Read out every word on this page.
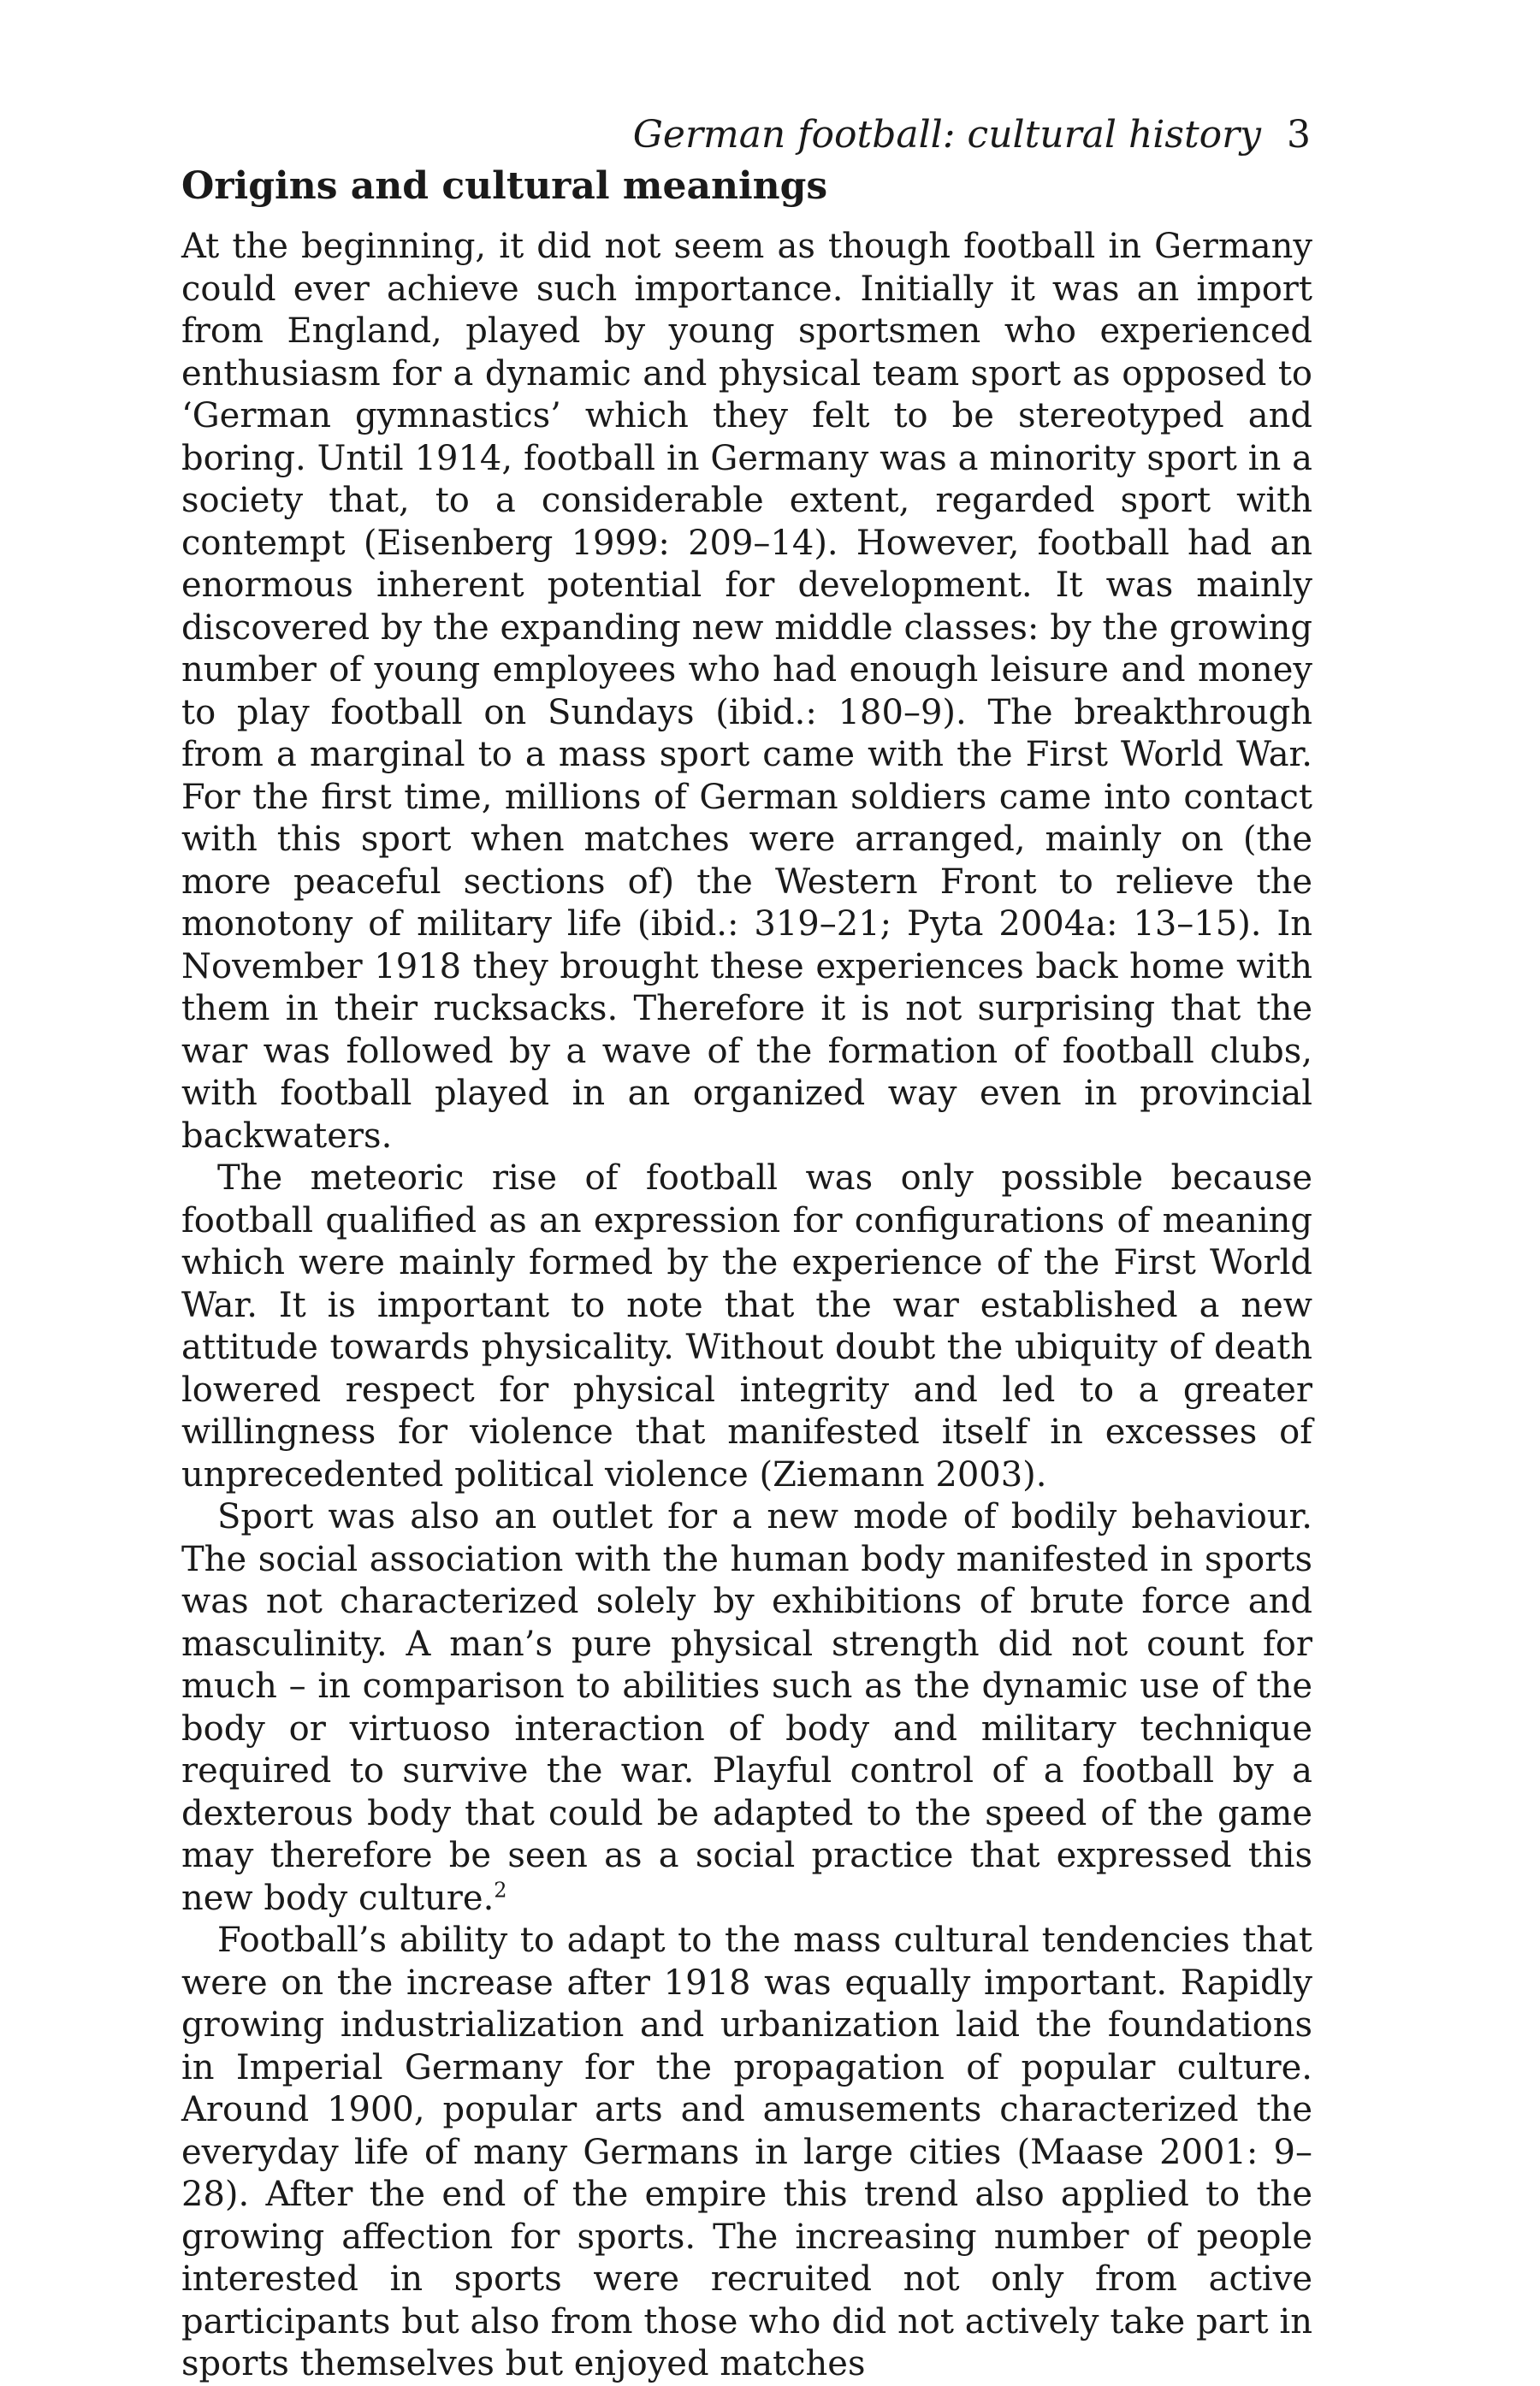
German football: cultural history 3
Origins and cultural meanings

At the beginning, it did not seem as though football in Germany could ever achieve such importance. Initially it was an import from England, played by young sportsmen who experienced enthusiasm for a dynamic and physical team sport as opposed to ‘German gymnastics’ which they felt to be stereotyped and boring. Until 1914, football in Germany was a minority sport in a society that, to a considerable extent, regarded sport with contempt (Eisenberg 1999: 209–14). However, football had an enormous inherent potential for development. It was mainly discovered by the expanding new middle classes: by the growing number of young employees who had enough leisure and money to play football on Sundays (ibid.: 180–9). The breakthrough from a marginal to a mass sport came with the First World War. For the first time, millions of German soldiers came into contact with this sport when matches were arranged, mainly on (the more peaceful sections of) the Western Front to relieve the monotony of military life (ibid.: 319–21; Pyta 2004a: 13–15). In November 1918 they brought these experiences back home with them in their rucksacks. Therefore it is not surprising that the war was followed by a wave of the formation of football clubs, with football played in an organized way even in provincial backwaters.

The meteoric rise of football was only possible because football qualified as an expression for configurations of meaning which were mainly formed by the experience of the First World War. It is important to note that the war established a new attitude towards physicality. Without doubt the ubiquity of death lowered respect for physical integrity and led to a greater willingness for violence that manifested itself in excesses of unprecedented political violence (Ziemann 2003).

Sport was also an outlet for a new mode of bodily behaviour. The social association with the human body manifested in sports was not characterized solely by exhibitions of brute force and masculinity. A man’s pure physical strength did not count for much – in comparison to abilities such as the dynamic use of the body or virtuoso interaction of body and military technique required to survive the war. Playful control of a football by a dexterous body that could be adapted to the speed of the game may therefore be seen as a social practice that expressed this new body culture.$^2$

Football’s ability to adapt to the mass cultural tendencies that were on the increase after 1918 was equally important. Rapidly growing industrialization and urbanization laid the foundations in Imperial Germany for the propagation of popular culture. Around 1900, popular arts and amusements characterized the everyday life of many Germans in large cities (Maase 2001: 9–28). After the end of the empire this trend also applied to the growing affection for sports. The increasing number of people interested in sports were recruited not only from active participants but also from those who did not actively take part in sports themselves but enjoyed matches
